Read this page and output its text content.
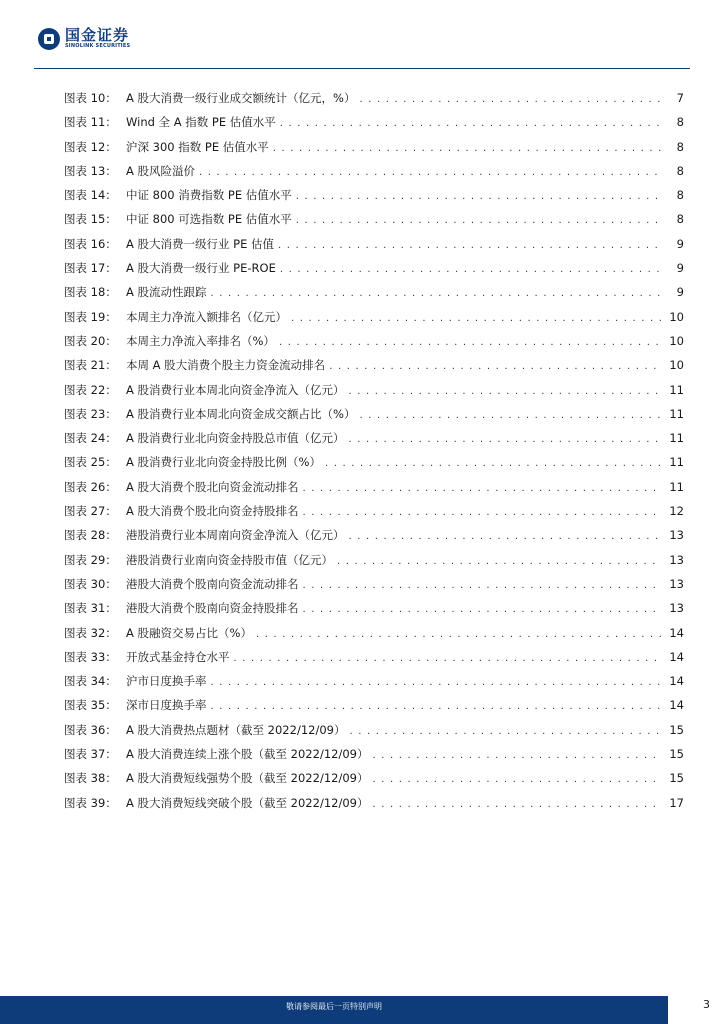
国金证券
SINOLINK SECURITIES
图表 10： A 股大消费一级行业成交额统计（亿元，%） . . .	7
图表 11： Wind 全 A 指数 PE 估值水平 . . .	8
图表 12： 沪深 300 指数 PE 估值水平 . . .	8
图表 13： A 股风险溢价 . . .	8
图表 14： 中证 800 消费指数 PE 估值水平 . . .	8
图表 15： 中证 800 可选指数 PE 估值水平 . . .	8
图表 16： A 股大消费一级行业 PE 估值 . . .	9
图表 17： A 股大消费一级行业 PE-ROE . . .	9
图表 18： A 股流动性跟踪 . . .	9
图表 19： 本周主力净流入额排名（亿元） . . .	10
图表 20： 本周主力净流入率排名（%） . . .	10
图表 21： 本周 A 股大消费个股主力资金流动排名 . . .	10
图表 22： A 股消费行业本周北向资金净流入（亿元） . . .	11
图表 23： A 股消费行业本周北向资金成交额占比（%） . . .	11
图表 24： A 股消费行业北向资金持股总市值（亿元） . . .	11
图表 25： A 股消费行业北向资金持股比例（%） . . .	11
图表 26： A 股大消费个股北向资金流动排名 . . .	11
图表 27： A 股大消费个股北向资金持股排名 . . .	12
图表 28： 港股消费行业本周南向资金净流入（亿元） . . .	13
图表 29： 港股消费行业南向资金持股市值（亿元） . . .	13
图表 30： 港股大消费个股南向资金流动排名 . . .	13
图表 31： 港股大消费个股南向资金持股排名 . . .	13
图表 32： A 股融资交易占比（%） . . .	14
图表 33： 开放式基金持仓水平 . . .	14
图表 34： 沪市日度换手率 . . .	14
图表 35： 深市日度换手率 . . .	14
图表 36： A 股大消费热点题材（截至 2022/12/09） . . .	15
图表 37： A 股大消费连续上涨个股（截至 2022/12/09） . . .	15
图表 38： A 股大消费短线强势个股（截至 2022/12/09） . . .	15
图表 39： A 股大消费短线突破个股（截至 2022/12/09） . . .	17
敬请参阅最后一页特别声明	3
